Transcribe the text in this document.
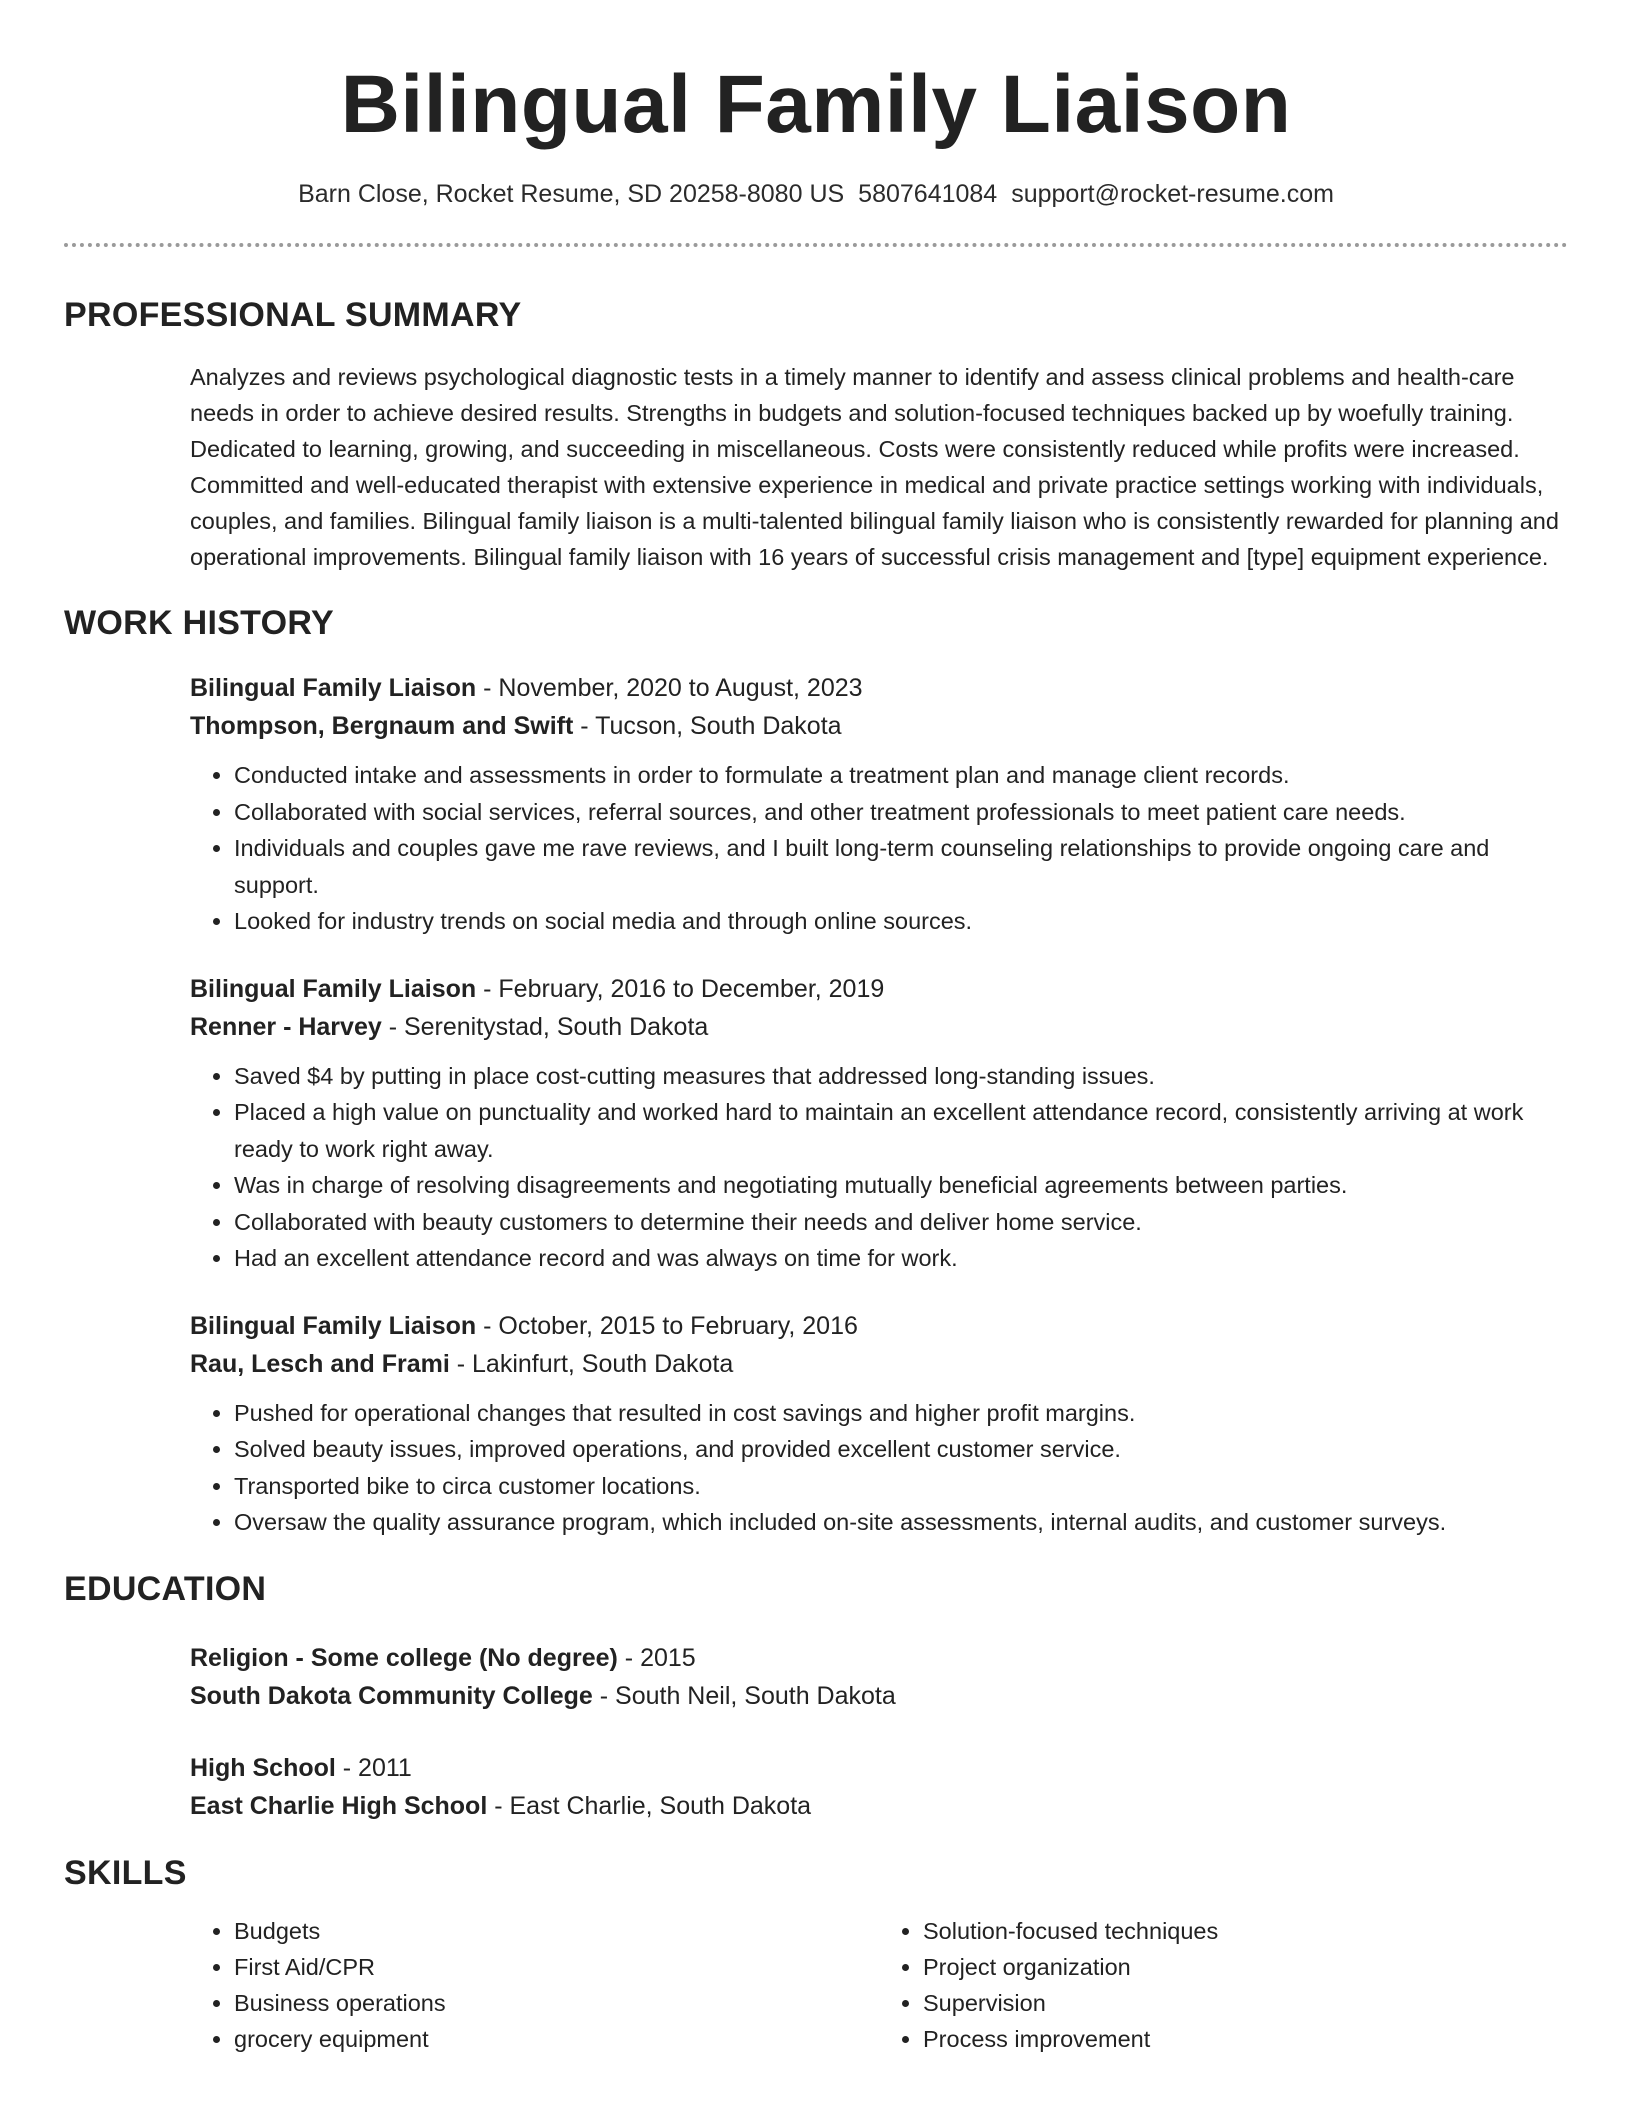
Bilingual Family Liaison
Barn Close, Rocket Resume, SD 20258-8080 US 5807641084 support@rocket-resume.com
PROFESSIONAL SUMMARY
Analyzes and reviews psychological diagnostic tests in a timely manner to identify and assess clinical problems and health-care needs in order to achieve desired results. Strengths in budgets and solution-focused techniques backed up by woefully training. Dedicated to learning, growing, and succeeding in miscellaneous. Costs were consistently reduced while profits were increased. Committed and well-educated therapist with extensive experience in medical and private practice settings working with individuals, couples, and families. Bilingual family liaison is a multi-talented bilingual family liaison who is consistently rewarded for planning and operational improvements. Bilingual family liaison with 16 years of successful crisis management and [type] equipment experience.
WORK HISTORY
Bilingual Family Liaison - November, 2020 to August, 2023
Thompson, Bergnaum and Swift - Tucson, South Dakota
• Conducted intake and assessments in order to formulate a treatment plan and manage client records.
• Collaborated with social services, referral sources, and other treatment professionals to meet patient care needs.
• Individuals and couples gave me rave reviews, and I built long-term counseling relationships to provide ongoing care and support.
• Looked for industry trends on social media and through online sources.
Bilingual Family Liaison - February, 2016 to December, 2019
Renner - Harvey - Serenitystad, South Dakota
• Saved $4 by putting in place cost-cutting measures that addressed long-standing issues.
• Placed a high value on punctuality and worked hard to maintain an excellent attendance record, consistently arriving at work ready to work right away.
• Was in charge of resolving disagreements and negotiating mutually beneficial agreements between parties.
• Collaborated with beauty customers to determine their needs and deliver home service.
• Had an excellent attendance record and was always on time for work.
Bilingual Family Liaison - October, 2015 to February, 2016
Rau, Lesch and Frami - Lakinfurt, South Dakota
• Pushed for operational changes that resulted in cost savings and higher profit margins.
• Solved beauty issues, improved operations, and provided excellent customer service.
• Transported bike to circa customer locations.
• Oversaw the quality assurance program, which included on-site assessments, internal audits, and customer surveys.
EDUCATION
Religion - Some college (No degree) - 2015
South Dakota Community College - South Neil, South Dakota
High School - 2011
East Charlie High School - East Charlie, South Dakota
SKILLS
• Budgets
• First Aid/CPR
• Business operations
• grocery equipment
• Solution-focused techniques
• Project organization
• Supervision
• Process improvement
